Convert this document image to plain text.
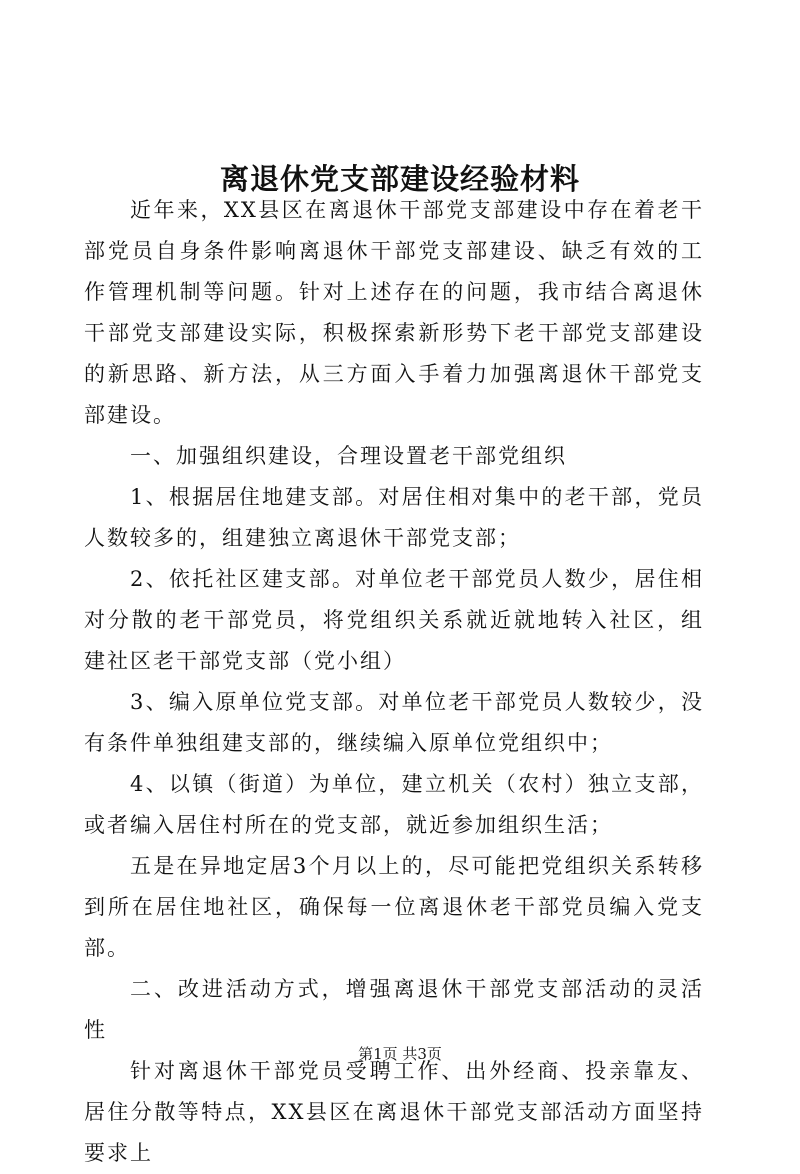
离退休党支部建设经验材料

近年来，XX县区在离退休干部党支部建设中存在着老干部党员自身条件影响离退休干部党支部建设、缺乏有效的工作管理机制等问题。针对上述存在的问题，我市结合离退休干部党支部建设实际，积极探索新形势下老干部党支部建设的新思路、新方法，从三方面入手着力加强离退休干部党支部建设。

一、加强组织建设，合理设置老干部党组织

1、根据居住地建支部。对居住相对集中的老干部，党员人数较多的，组建独立离退休干部党支部；

2、依托社区建支部。对单位老干部党员人数少，居住相对分散的老干部党员，将党组织关系就近就地转入社区，组建社区老干部党支部（党小组）

3、编入原单位党支部。对单位老干部党员人数较少，没有条件单独组建支部的，继续编入原单位党组织中；

4、以镇（街道）为单位，建立机关（农村）独立支部，或者编入居住村所在的党支部，就近参加组织生活；

五是在异地定居3个月以上的，尽可能把党组织关系转移到所在居住地社区，确保每一位离退休老干部党员编入党支部。

二、改进活动方式，增强离退休干部党支部活动的灵活性

针对离退休干部党员受聘工作、出外经商、投亲靠友、居住分散等特点，XX县区在离退休干部党支部活动方面坚持要求上

第1页 共3页
